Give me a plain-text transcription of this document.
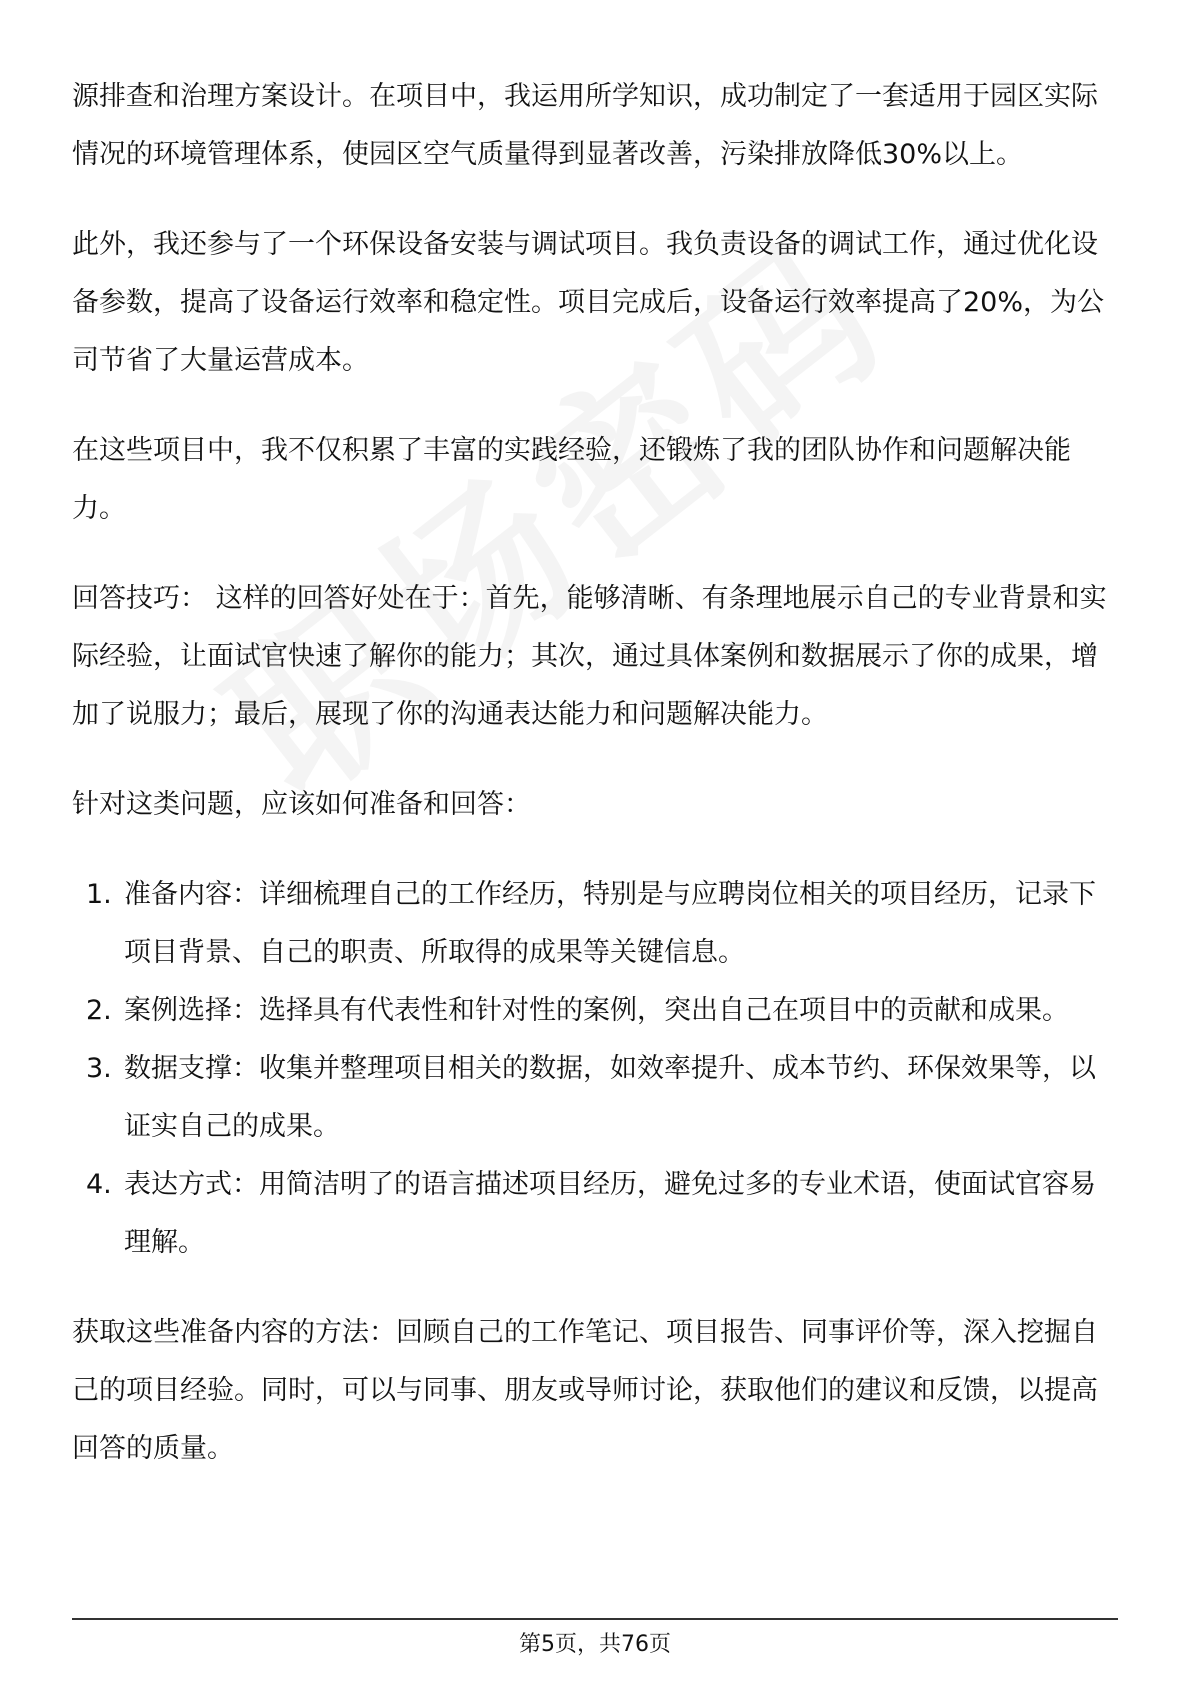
源排查和治理方案设计。在项目中，我运用所学知识，成功制定了一套适用于园区实际情况的环境管理体系，使园区空气质量得到显著改善，污染排放降低30%以上。

此外，我还参与了一个环保设备安装与调试项目。我负责设备的调试工作，通过优化设备参数，提高了设备运行效率和稳定性。项目完成后，设备运行效率提高了20%，为公司节省了大量运营成本。

在这些项目中，我不仅积累了丰富的实践经验，还锻炼了我的团队协作和问题解决能力。

回答技巧： 这样的回答好处在于：首先，能够清晰、有条理地展示自己的专业背景和实际经验，让面试官快速了解你的能力；其次，通过具体案例和数据展示了你的成果，增加了说服力；最后，展现了你的沟通表达能力和问题解决能力。

针对这类问题，应该如何准备和回答：

1. 准备内容：详细梳理自己的工作经历，特别是与应聘岗位相关的项目经历，记录下项目背景、自己的职责、所取得的成果等关键信息。
2. 案例选择：选择具有代表性和针对性的案例，突出自己在项目中的贡献和成果。
3. 数据支撑：收集并整理项目相关的数据，如效率提升、成本节约、环保效果等，以证实自己的成果。
4. 表达方式：用简洁明了的语言描述项目经历，避免过多的专业术语，使面试官容易理解。

获取这些准备内容的方法：回顾自己的工作笔记、项目报告、同事评价等，深入挖掘自己的项目经验。同时，可以与同事、朋友或导师讨论，获取他们的建议和反馈，以提高回答的质量。

第5页，共76页
